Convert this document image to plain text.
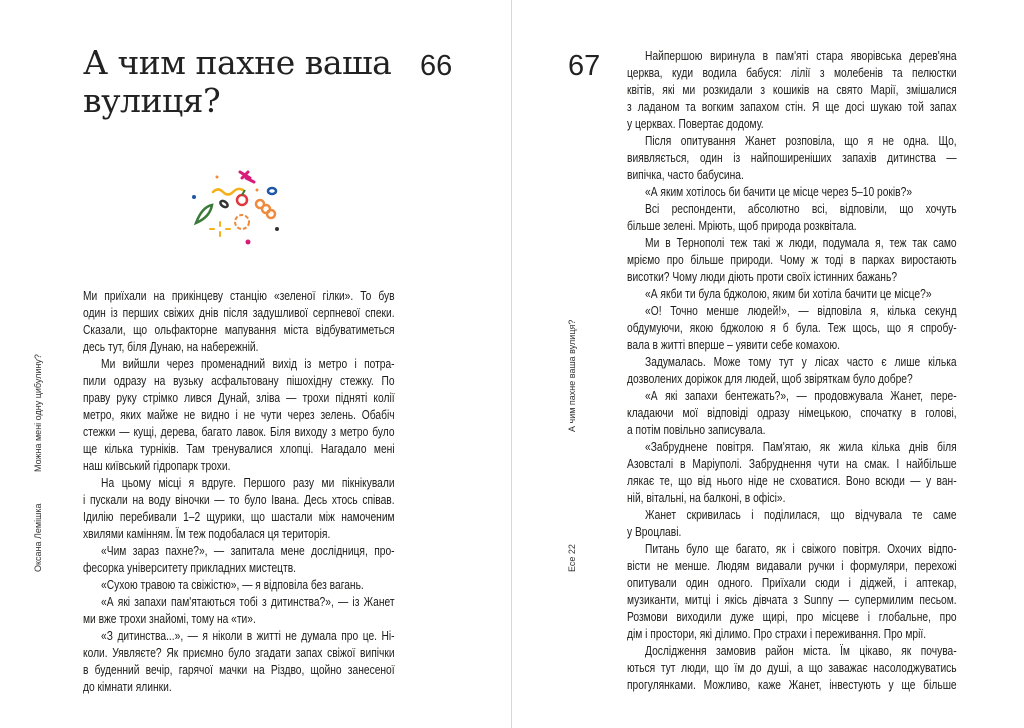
А чим пахне ваша
вулиця?
66
Ми приїхали на прикінцеву станцію «зеленої гілки». То був
один із перших свіжих днів після задушливої серпневої спеки.
Сказали, що ольфакторне мапування міста відбуватиметься
десь тут, біля Дунаю, на набережній.
Ми вийшли через променадний вихід із метро і потра-
пили одразу на вузьку асфальтовану пішохідну стежку. По
праву руку стрімко лився Дунай, зліва — трохи підняті колії
метро, яких майже не видно і не чути через зелень. Обабіч
стежки — кущі, дерева, багато лавок. Біля виходу з метро було
ще кілька турніків. Там тренувалися хлопці. Нагадало мені
наш київський гідропарк трохи.
На цьому місці я вдруге. Першого разу ми пікнікували
і пускали на воду віночки — то було Івана. Десь хтось співав.
Ідилію перебивали 1–2 щурики, що шастали між намоченим
хвилями камінням. Їм теж подобалася ця територія.
«Чим зараз пахне?», — запитала мене дослідниця, про-
фесорка університету прикладних мистецтв.
«Сухою травою та свіжістю», — я відповіла без вагань.
«А які запахи пам'ятаються тобі з дитинства?», — із Жанет
ми вже трохи знайомі, тому на «ти».
«З дитинства...», — я ніколи в житті не думала про це. Ні-
коли. Уявляєте? Як приємно було згадати запах свіжої випічки
в буденний вечір, гарячої мачки на Різдво, щойно занесеної
до кімнати ялинки.
Можна мені одну цибулину?
Оксана Лемішка
67	Найпершою виринула в пам'яті стара яворівська дерев'яна
церква, куди водила бабуся: лілії з молебенів та пелюстки
квітів, які ми розкидали з кошиків на свято Марії, змішалися
з ладаном та вогким запахом стін. Я ще досі шукаю той запах
у церквах. Повертає додому.
Після опитування Жанет розповіла, що я не одна. Що,
виявляється, один із найпоширеніших запахів дитинства —
випічка, часто бабусина.
«А яким хотілось би бачити це місце через 5–10 років?»
Всі респонденти, абсолютно всі, відповіли, що хочуть
більше зелені. Мріють, щоб природа розквітала.
Ми в Тернополі теж такі ж люди, подумала я, теж так само
мріємо про більше природи. Чому ж тоді в парках виростають
висотки? Чому люди діють проти своїх істинних бажань?
«А якби ти була бджолою, яким би хотіла бачити це місце?»
«О! Точно менше людей!», — відповіла я, кілька секунд
обдумуючи, якою бджолою я б була. Теж щось, що я спробу-
вала в житті вперше – уявити себе комахою.
Задумалась. Може тому тут у лісах часто є лише кілька
дозволених доріжок для людей, щоб звіряткам було добре?
«А які запахи бентежать?», — продовжувала Жанет, пере-
кладаючи мої відповіді одразу німецькою, спочатку в голові,
а потім повільно записувала.
«Забруднене повітря. Пам'ятаю, як жила кілька днів біля
Азовсталі в Маріуполі. Забруднення чути на смак. І найбільше
лякає те, що від нього ніде не сховатися. Воно всюди — у ван-
ній, вітальні, на балконі, в офісі».
Жанет скривилась і поділилася, що відчувала те саме
у Вроцлаві.
Питань було ще багато, як і свіжого повітря. Охочих відпо-
вісти не менше. Людям видавали ручки і формуляри, перехожі
опитували один одного. Приїхали сюди і діджей, і аптекар,
музиканти, митці і якісь дівчата з Sunny — супермилим песьом.
Розмови виходили дуже щирі, про місцеве і глобальне, про
дім і простори, які ділимо. Про страхи і переживання. Про мрії.
Дослідження замовив район міста. Їм цікаво, як почува-
ються тут люди, що їм до душі, а що заважає насолоджуватись
прогулянками. Можливо, каже Жанет, інвестують у ще більше
А чим пахне ваша вулиця?
Есе 22
